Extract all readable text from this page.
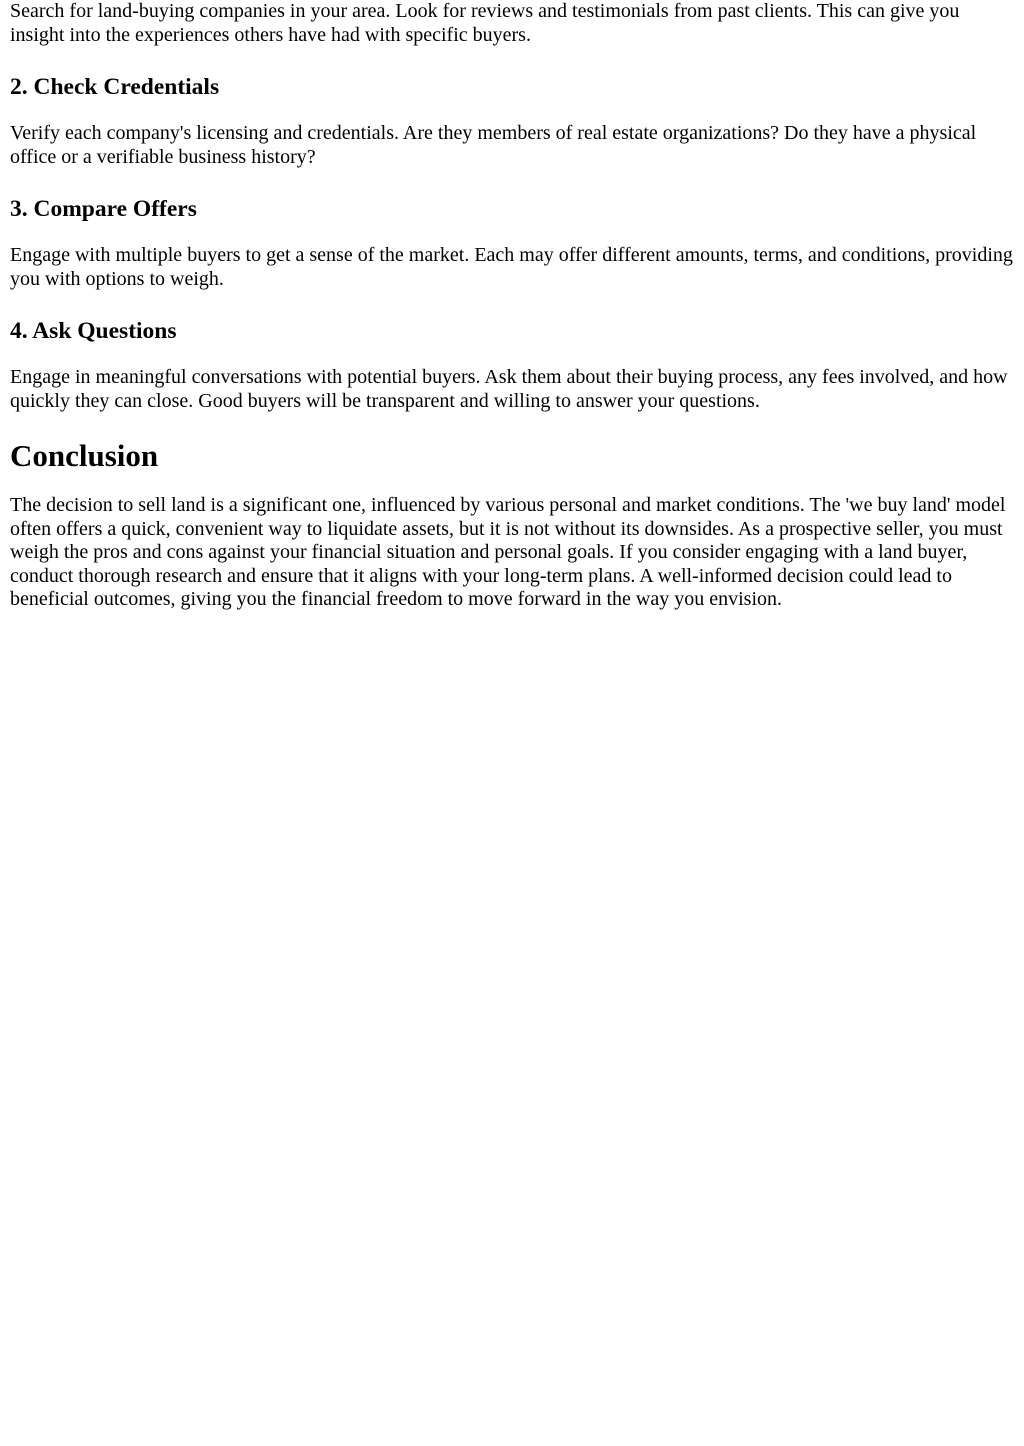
Search for land-buying companies in your area. Look for reviews and testimonials from past clients. This can give you insight into the experiences others have had with specific buyers.

2. Check Credentials

Verify each company's licensing and credentials. Are they members of real estate organizations? Do they have a physical office or a verifiable business history?

3. Compare Offers

Engage with multiple buyers to get a sense of the market. Each may offer different amounts, terms, and conditions, providing you with options to weigh.

4. Ask Questions

Engage in meaningful conversations with potential buyers. Ask them about their buying process, any fees involved, and how quickly they can close. Good buyers will be transparent and willing to answer your questions.

Conclusion

The decision to sell land is a significant one, influenced by various personal and market conditions. The 'we buy land' model often offers a quick, convenient way to liquidate assets, but it is not without its downsides. As a prospective seller, you must weigh the pros and cons against your financial situation and personal goals. If you consider engaging with a land buyer, conduct thorough research and ensure that it aligns with your long-term plans. A well-informed decision could lead to beneficial outcomes, giving you the financial freedom to move forward in the way you envision.
